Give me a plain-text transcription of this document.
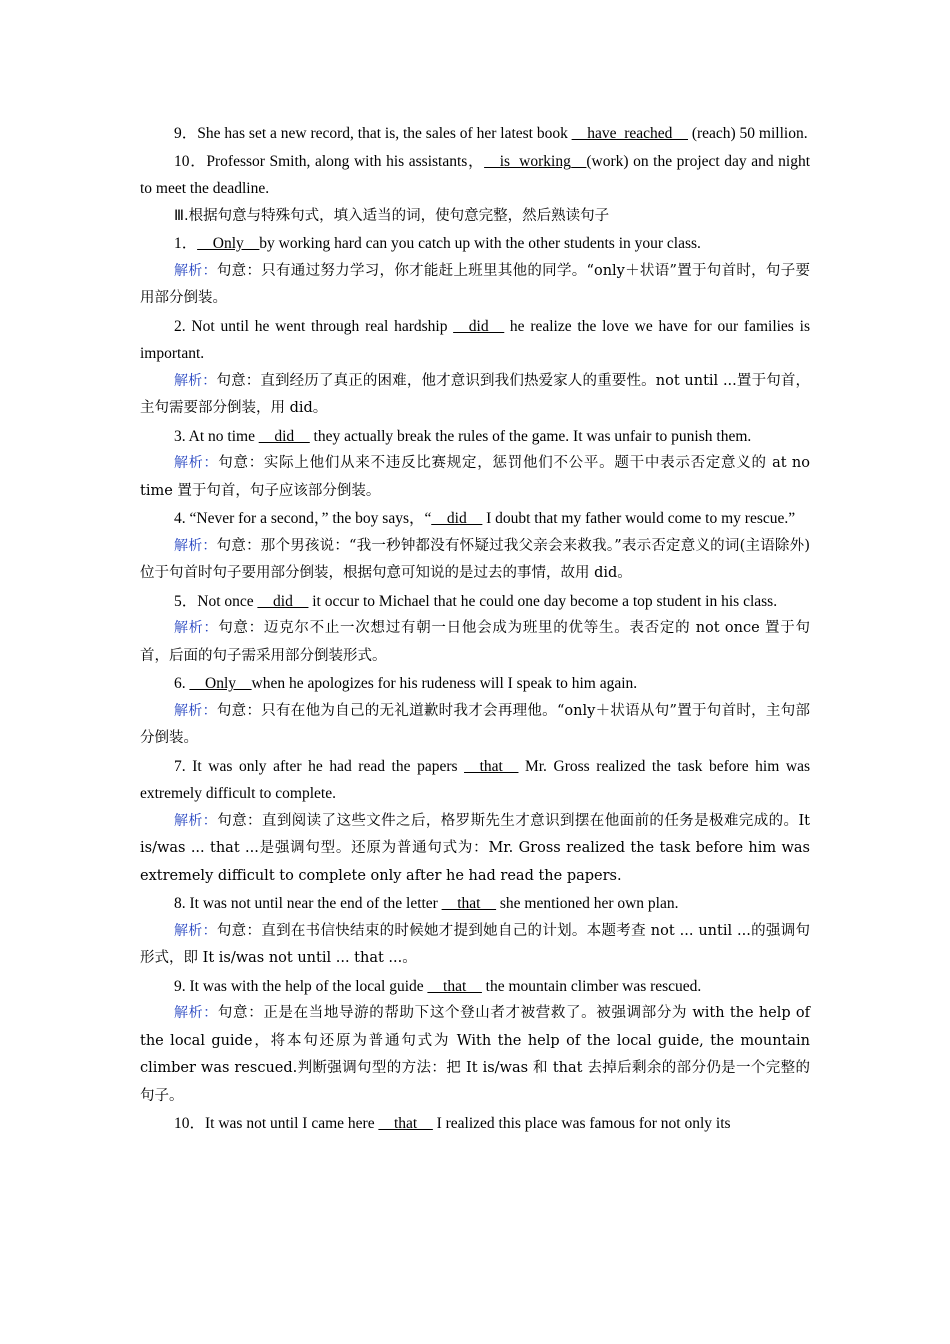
9．She has set a new record, that is, the sales of her latest book __have  reached__ (reach) 50 million.

10．Professor Smith, along with his assistants，__is  working__(work) on the project day and night to meet the deadline.

Ⅲ.根据句意与特殊句式，填入适当的词，使句意完整，然后熟读句子

1．__Only__by working hard can you catch up with the other students in your class.

解析：句意：只有通过努力学习，你才能赶上班里其他的同学。“only＋状语”置于句首时，句子要用部分倒装。

2. Not until he went through real hardship __did__ he realize the love we have for our families is important.

解析：句意：直到经历了真正的困难，他才意识到我们热爱家人的重要性。not until ...置于句首，主句需要部分倒装，用 did。

3. At no time __did__ they actually break the rules of the game. It was unfair to punish them.

解析：句意：实际上他们从来不违反比赛规定，惩罚他们不公平。题干中表示否定意义的 at no time 置于句首，句子应该部分倒装。

4. “Never for a second，” the boy says，“__did__ I doubt that my father would come to my rescue.”

解析：句意：那个男孩说：“我一秒钟都没有怀疑过我父亲会来救我。”表示否定意义的词(主语除外)位于句首时句子要用部分倒装，根据句意可知说的是过去的事情，故用 did。

5．Not once __did__ it occur to Michael that he could one day become a top student in his class.

解析：句意：迈克尔不止一次想过有朝一日他会成为班里的优等生。表否定的 not once 置于句首，后面的句子需采用部分倒装形式。

6. __Only__when he apologizes for his rudeness will I speak to him again.

解析：句意：只有在他为自己的无礼道歉时我才会再理他。“only＋状语从句”置于句首时，主句部分倒装。

7. It was only after he had read the papers __that__ Mr. Gross realized the task before him was extremely difficult to complete.

解析：句意：直到阅读了这些文件之后，格罗斯先生才意识到摆在他面前的任务是极难完成的。It is/was ... that ...是强调句型。还原为普通句式为：Mr. Gross realized the task before him was extremely difficult to complete only after he had read the papers.

8. It was not until near the end of the letter __that__ she mentioned her own plan.

解析：句意：直到在书信快结束的时候她才提到她自己的计划。本题考查 not ... until ...的强调句形式，即 It is/was not until ... that ...。

9. It was with the help of the local guide __that__ the mountain climber was rescued.

解析：句意：正是在当地导游的帮助下这个登山者才被营救了。被强调部分为 with the help of the local guide，将本句还原为普通句式为 With the help of the local guide, the mountain climber was rescued.判断强调句型的方法：把 It is/was 和 that 去掉后剩余的部分仍是一个完整的句子。

10．It was not until I came here __that__ I realized this place was famous for not only its
